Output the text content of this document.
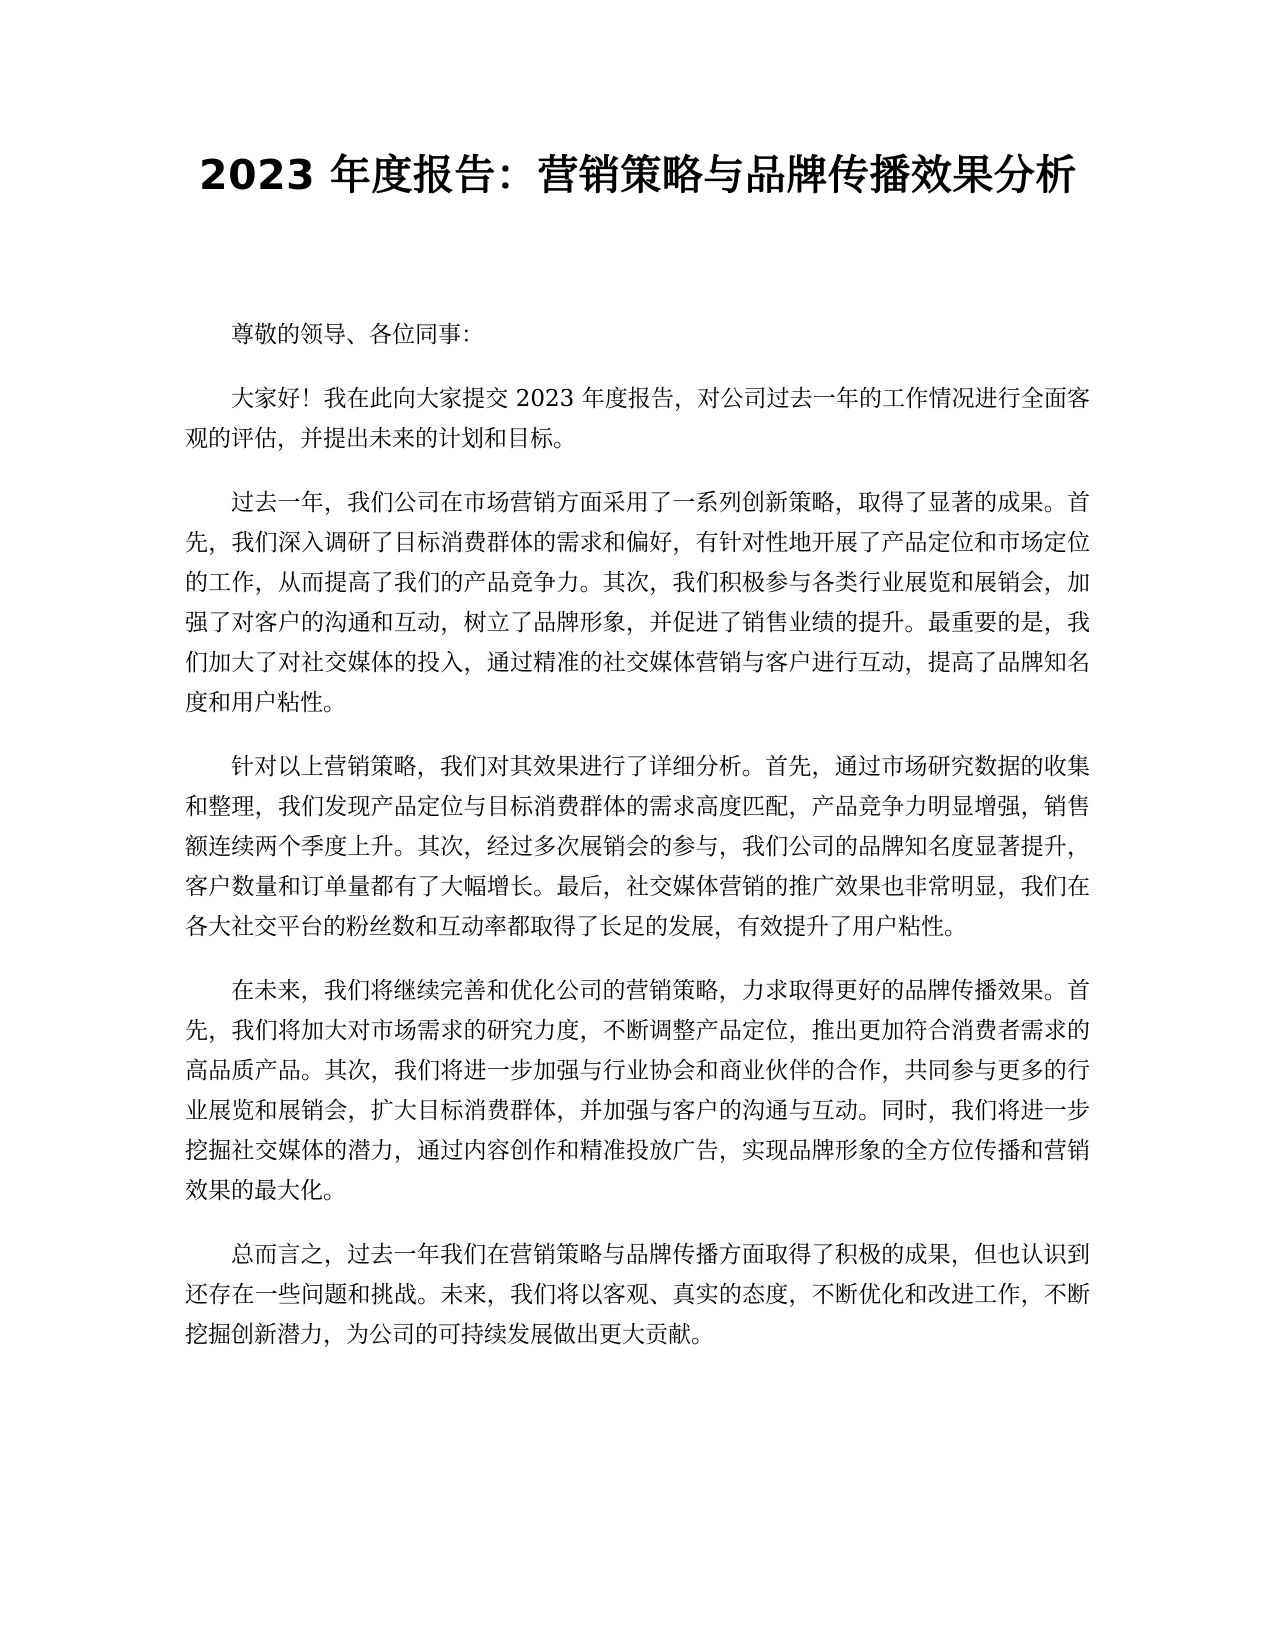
2023 年度报告：营销策略与品牌传播效果分析

尊敬的领导、各位同事：

大家好！我在此向大家提交 2023 年度报告，对公司过去一年的工作情况进行全面客观的评估，并提出未来的计划和目标。

过去一年，我们公司在市场营销方面采用了一系列创新策略，取得了显著的成果。首先，我们深入调研了目标消费群体的需求和偏好，有针对性地开展了产品定位和市场定位的工作，从而提高了我们的产品竞争力。其次，我们积极参与各类行业展览和展销会，加强了对客户的沟通和互动，树立了品牌形象，并促进了销售业绩的提升。最重要的是，我们加大了对社交媒体的投入，通过精准的社交媒体营销与客户进行互动，提高了品牌知名度和用户粘性。

针对以上营销策略，我们对其效果进行了详细分析。首先，通过市场研究数据的收集和整理，我们发现产品定位与目标消费群体的需求高度匹配，产品竞争力明显增强，销售额连续两个季度上升。其次，经过多次展销会的参与，我们公司的品牌知名度显著提升，客户数量和订单量都有了大幅增长。最后，社交媒体营销的推广效果也非常明显，我们在各大社交平台的粉丝数和互动率都取得了长足的发展，有效提升了用户粘性。

在未来，我们将继续完善和优化公司的营销策略，力求取得更好的品牌传播效果。首先，我们将加大对市场需求的研究力度，不断调整产品定位，推出更加符合消费者需求的高品质产品。其次，我们将进一步加强与行业协会和商业伙伴的合作，共同参与更多的行业展览和展销会，扩大目标消费群体，并加强与客户的沟通与互动。同时，我们将进一步挖掘社交媒体的潜力，通过内容创作和精准投放广告，实现品牌形象的全方位传播和营销效果的最大化。

总而言之，过去一年我们在营销策略与品牌传播方面取得了积极的成果，但也认识到还存在一些问题和挑战。未来，我们将以客观、真实的态度，不断优化和改进工作，不断挖掘创新潜力，为公司的可持续发展做出更大贡献。
